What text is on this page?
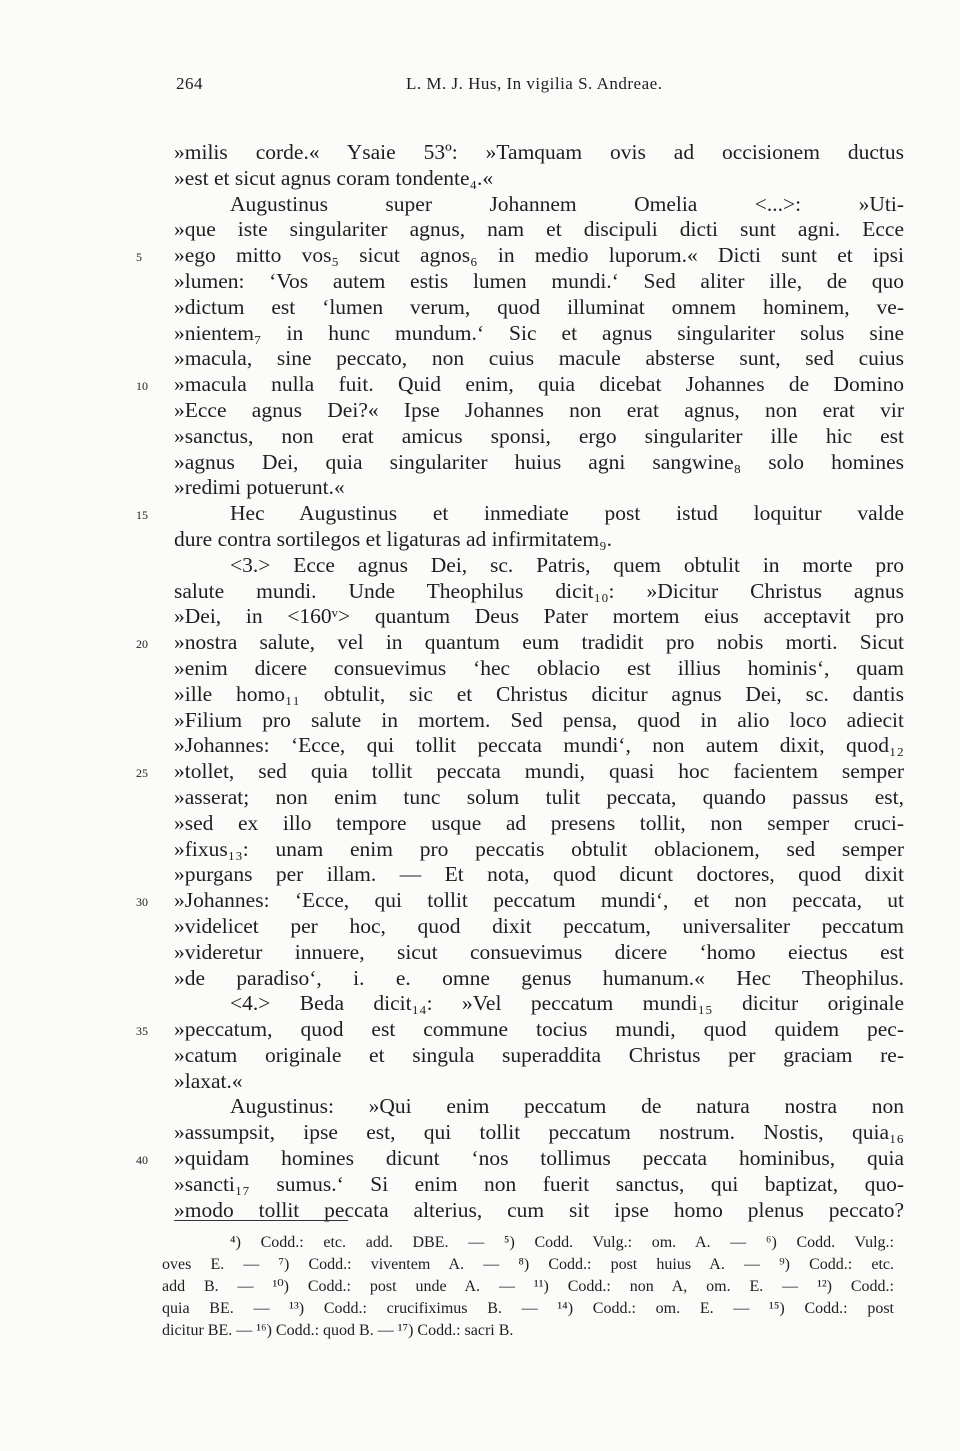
264	L. M. J. Hus, In vigilia S. Andreae.
»milis corde.« Ysaie 53º: »Tamquam ovis ad occisionem ductus
»est et sicut agnus coram tondente₄.«
Augustinus super Johannem Omelia <...>: »Uti-
»que iste singulariter agnus, nam et discipuli dicti sunt agni. Ecce
5	»ego mitto vos₅ sicut agnos₆ in medio luporum.« Dicti sunt et ipsi
»lumen: ‘Vos autem estis lumen mundi.‘ Sed aliter ille, de quo
»dictum est ‘lumen verum, quod illuminat omnem hominem, ve-
»nientem₇ in hunc mundum.‘ Sic et agnus singulariter solus sine
»macula, sine peccato, non cuius macule absterse sunt, sed cuius
10	»macula nulla fuit. Quid enim, quia dicebat Johannes de Domino
»Ecce agnus Dei?« Ipse Johannes non erat agnus, non erat vir
»sanctus, non erat amicus sponsi, ergo singulariter ille hic est
»agnus Dei, quia singulariter huius agni sangwine₈ solo homines
»redimi potuerunt.«
15	Hec Augustinus et inmediate post istud loquitur valde
dure contra sortilegos et ligaturas ad infirmitatem₉.
<3.> Ecce agnus Dei, sc. Patris, quem obtulit in morte pro
salute mundi. Unde Theophilus dicit₁₀: »Dicitur Christus agnus
»Dei, in <160ᵛ> quantum Deus Pater mortem eius acceptavit pro
20	»nostra salute, vel in quantum eum tradidit pro nobis morti. Sicut
»enim dicere consuevimus ‘hec oblacio est illius hominis‘, quam
»ille homo₁₁ obtulit, sic et Christus dicitur agnus Dei, sc. dantis
»Filium pro salute in mortem. Sed pensa, quod in alio loco adiecit
»Johannes: ‘Ecce, qui tollit peccata mundi‘, non autem dixit, quod₁₂
25	»tollet, sed quia tollit peccata mundi, quasi hoc facientem semper
»asserat; non enim tunc solum tulit peccata, quando passus est,
»sed ex illo tempore usque ad presens tollit, non semper cruci-
»fixus₁₃: unam enim pro peccatis obtulit oblacionem, sed semper
»purgans per illam. — Et nota, quod dicunt doctores, quod dixit
30	»Johannes: ‘Ecce, qui tollit peccatum mundi‘, et non peccata, ut
»videlicet per hoc, quod dixit peccatum, universaliter peccatum
»videretur innuere, sicut consuevimus dicere ‘homo eiectus est
»de paradiso‘, i. e. omne genus humanum.« Hec Theophilus.
<4.> Beda dicit₁₄: »Vel peccatum mundi₁₅ dicitur originale
35	»peccatum, quod est commune tocius mundi, quod quidem pec-
»catum originale et singula superaddita Christus per graciam re-
»laxat.«
Augustinus: »Qui enim peccatum de natura nostra non
»assumpsit, ipse est, qui tollit peccatum nostrum. Nostis, quia₁₆
40	»quidam homines dicunt ‘nos tollimus peccata hominibus, quia
»sancti₁₇ sumus.‘ Si enim non fuerit sanctus, qui baptizat, quo-
»modo tollit peccata alterius, cum sit ipse homo plenus peccato?
⁴) Codd.: etc. add. DBE. — ⁵) Codd. Vulg.: om. A. — ⁶) Codd. Vulg.:
oves E. — ⁷) Codd.: viventem A. — ⁸) Codd.: post huius A. — ⁹) Codd.: etc.
add B. — ¹⁰) Codd.: post unde A. — ¹¹) Codd.: non A, om. E. — ¹²) Codd.:
quia BE. — ¹³) Codd.: crucifiximus B. — ¹⁴) Codd.: om. E. — ¹⁵) Codd.: post
dicitur BE. — ¹⁶) Codd.: quod B. — ¹⁷) Codd.: sacri B.
